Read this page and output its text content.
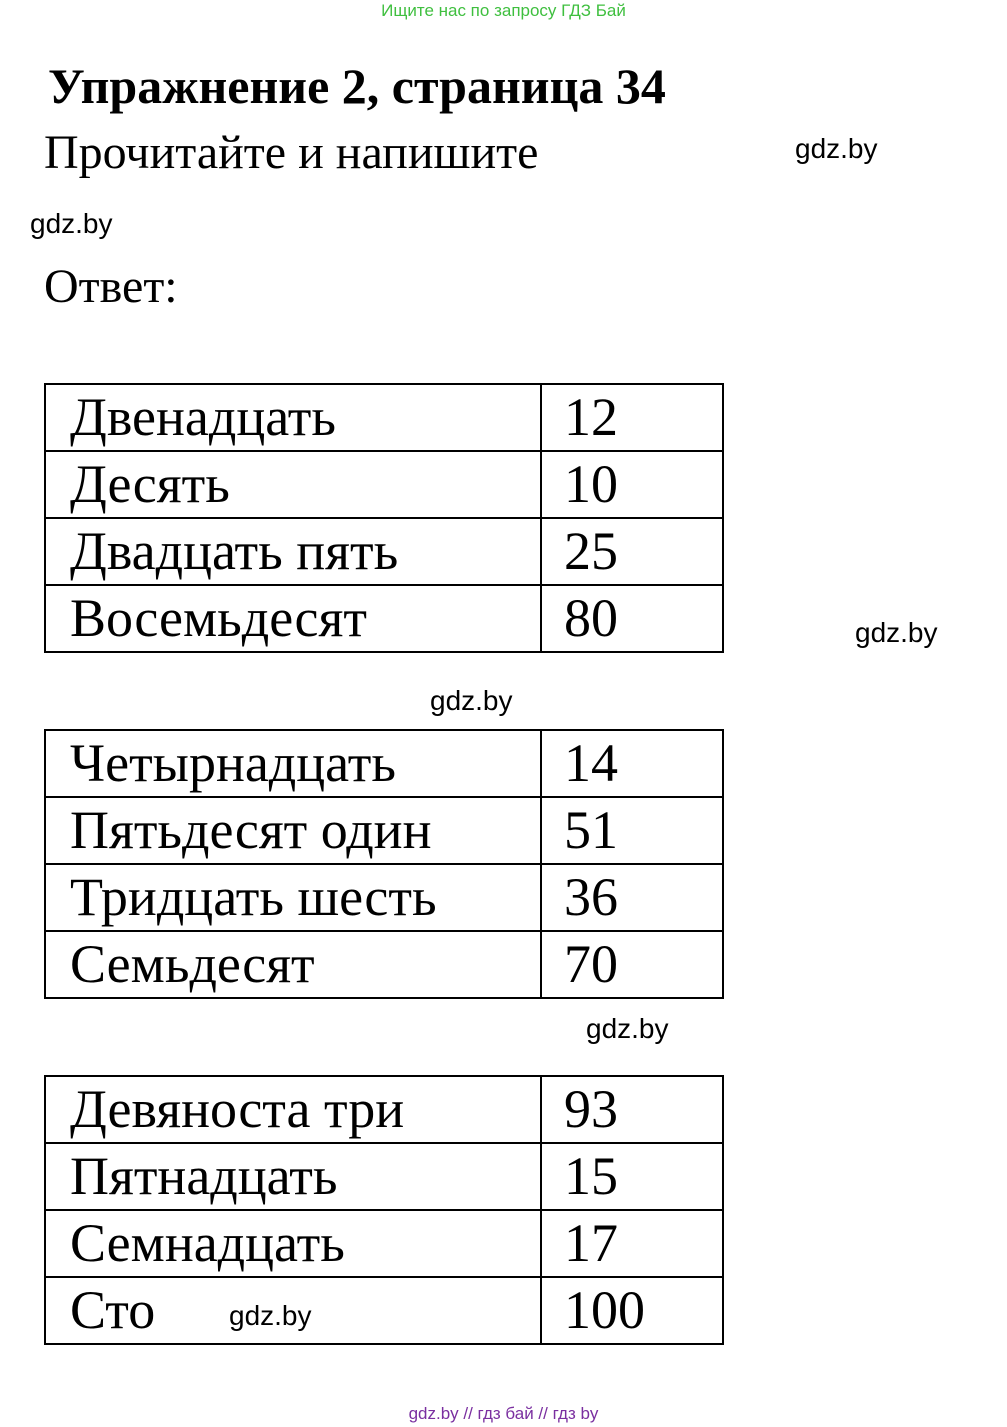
Ищите нас по запросу ГДЗ Бай
Упражнение 2, страница 34
Прочитайте и напишите	gdz.by
gdz.by
Ответ:
Двенадцать	12
Десять	10
Двадцать пять	25
Восемьдесят	80	gdz.by
gdz.by
Четырнадцать	14
Пятьдесят один	51
Тридцать шесть	36
Семьдесят	70
gdz.by
Девяноста три	93
Пятнадцать	15
Семнадцать	17
Сто	100
gdz.by
gdz.by // гдз бай // гдз by
